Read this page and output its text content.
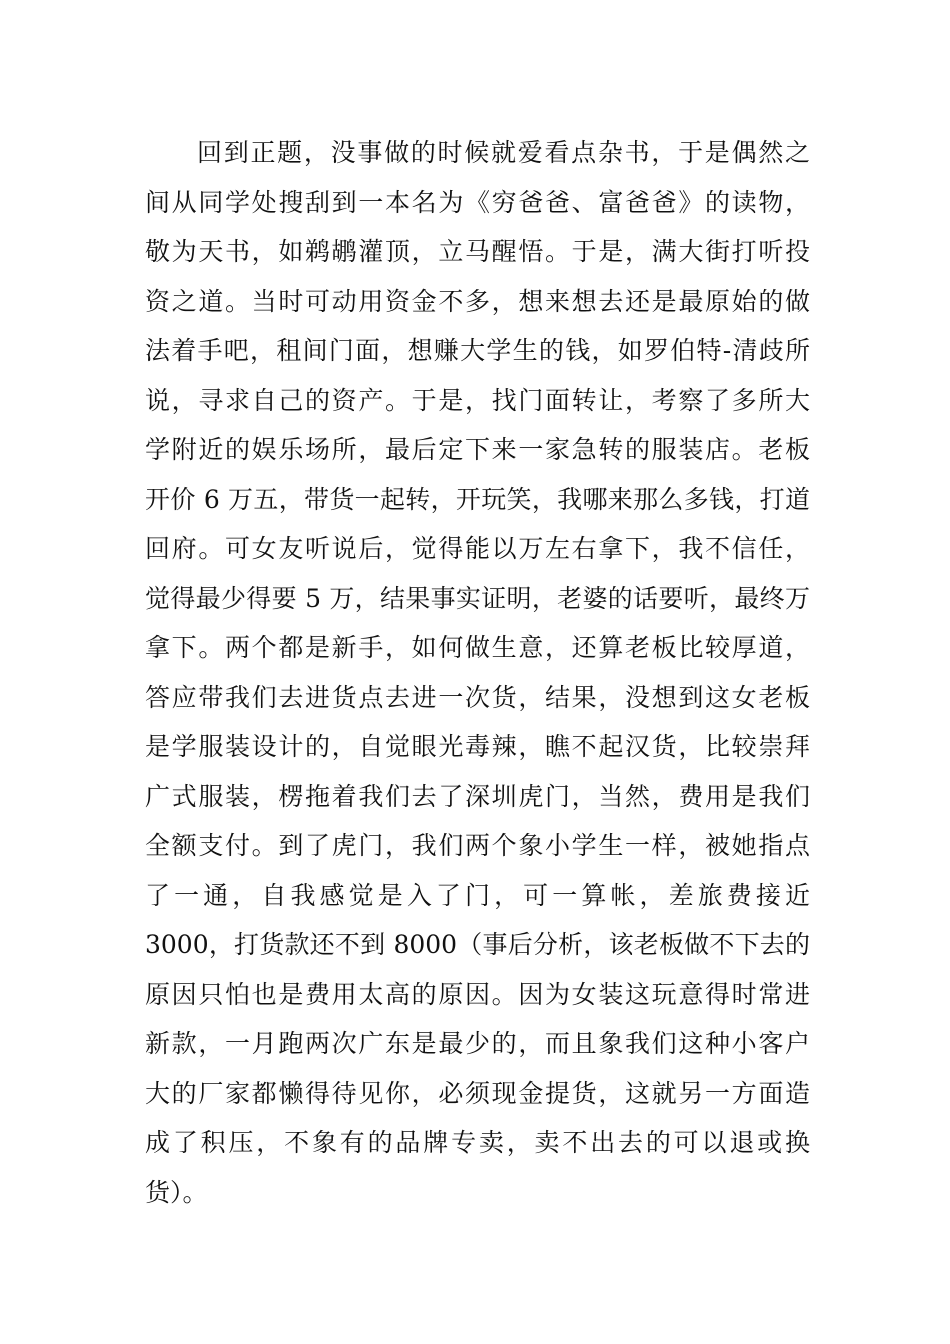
回到正题，没事做的时候就爱看点杂书，于是偶然之
间从同学处搜刮到一本名为《穷爸爸、富爸爸》的读物，
敬为天书，如鹈鹕灌顶，立马醒悟。于是，满大街打听投
资之道。当时可动用资金不多，想来想去还是最原始的做
法着手吧，租间门面，想赚大学生的钱，如罗伯特-清歧所
说，寻求自己的资产。于是，找门面转让，考察了多所大
学附近的娱乐场所，最后定下来一家急转的服装店。老板
开价 6 万五，带货一起转，开玩笑，我哪来那么多钱，打道
回府。可女友听说后，觉得能以万左右拿下，我不信任，
觉得最少得要 5 万，结果事实证明，老婆的话要听，最终万
拿下。两个都是新手，如何做生意，还算老板比较厚道，
答应带我们去进货点去进一次货，结果，没想到这女老板
是学服装设计的，自觉眼光毒辣，瞧不起汉货，比较崇拜
广式服装，楞拖着我们去了深圳虎门，当然，费用是我们
全额支付。到了虎门，我们两个象小学生一样，被她指点
了一通，自我感觉是入了门，可一算帐，差旅费接近
3000，打货款还不到 8000（事后分析，该老板做不下去的
原因只怕也是费用太高的原因。因为女装这玩意得时常进
新款，一月跑两次广东是最少的，而且象我们这种小客户
大的厂家都懒得待见你，必须现金提货，这就另一方面造
成了积压，不象有的品牌专卖，卖不出去的可以退或换
货）。
